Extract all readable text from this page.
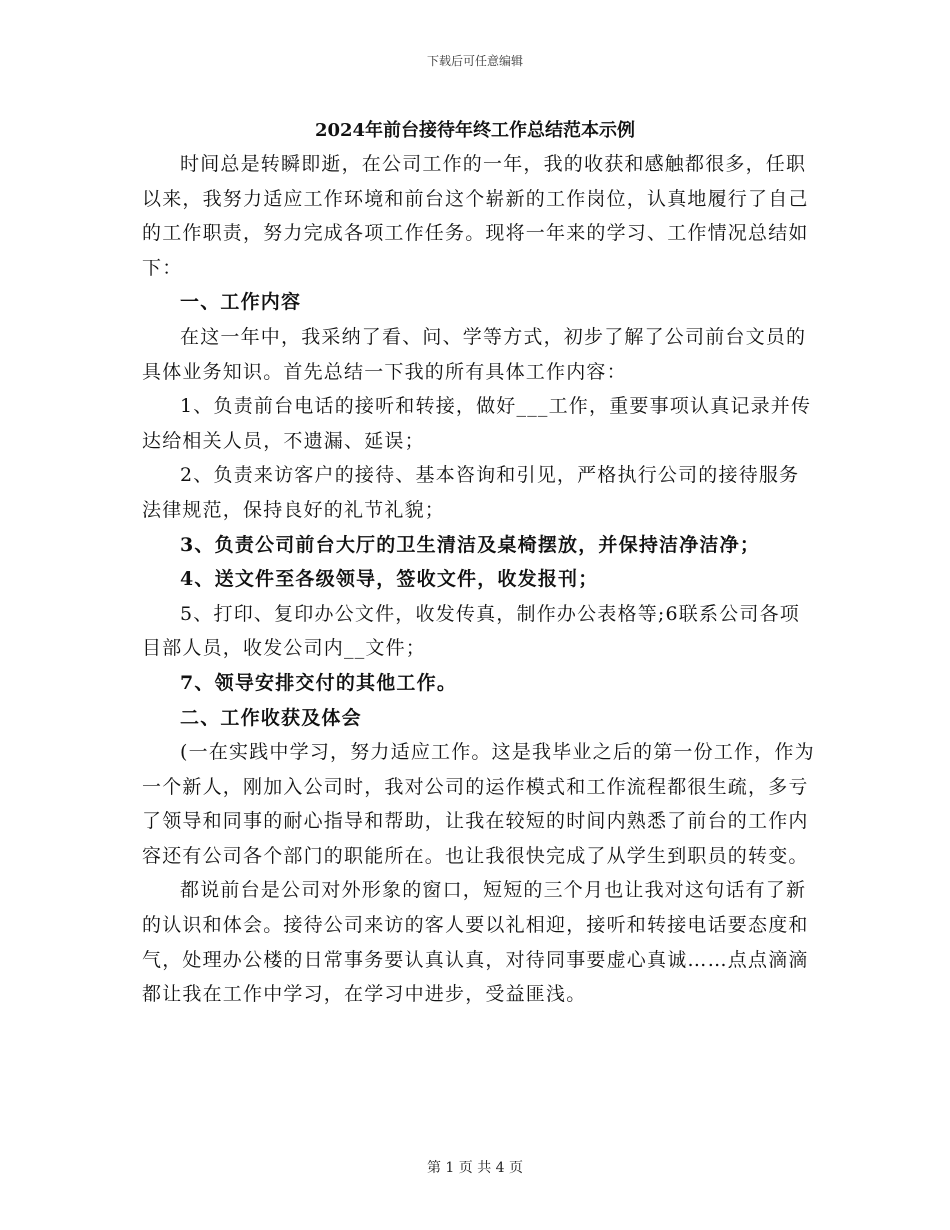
下载后可任意编辑
2024年前台接待年终工作总结范本示例

时间总是转瞬即逝，在公司工作的一年，我的收获和感触都很多，任职以来，我努力适应工作环境和前台这个崭新的工作岗位，认真地履行了自己的工作职责，努力完成各项工作任务。现将一年来的学习、工作情况总结如下：

一、工作内容

在这一年中，我采纳了看、问、学等方式，初步了解了公司前台文员的具体业务知识。首先总结一下我的所有具体工作内容：

1、负责前台电话的接听和转接，做好___工作，重要事项认真记录并传达给相关人员，不遗漏、延误；

2、负责来访客户的接待、基本咨询和引见，严格执行公司的接待服务法律规范，保持良好的礼节礼貌；

3、负责公司前台大厅的卫生清洁及桌椅摆放，并保持洁净洁净；

4、送文件至各级领导，签收文件，收发报刊；

5、打印、复印办公文件，收发传真，制作办公表格等;6联系公司各项目部人员，收发公司内__文件；

7、领导安排交付的其他工作。

二、工作收获及体会

(一在实践中学习，努力适应工作。这是我毕业之后的第一份工作，作为一个新人，刚加入公司时，我对公司的运作模式和工作流程都很生疏，多亏了领导和同事的耐心指导和帮助，让我在较短的时间内熟悉了前台的工作内容还有公司各个部门的职能所在。也让我很快完成了从学生到职员的转变。

都说前台是公司对外形象的窗口，短短的三个月也让我对这句话有了新的认识和体会。接待公司来访的客人要以礼相迎，接听和转接电话要态度和气，处理办公楼的日常事务要认真认真，对待同事要虚心真诚……点点滴滴都让我在工作中学习，在学习中进步，受益匪浅。

第 1 页 共 4 页
